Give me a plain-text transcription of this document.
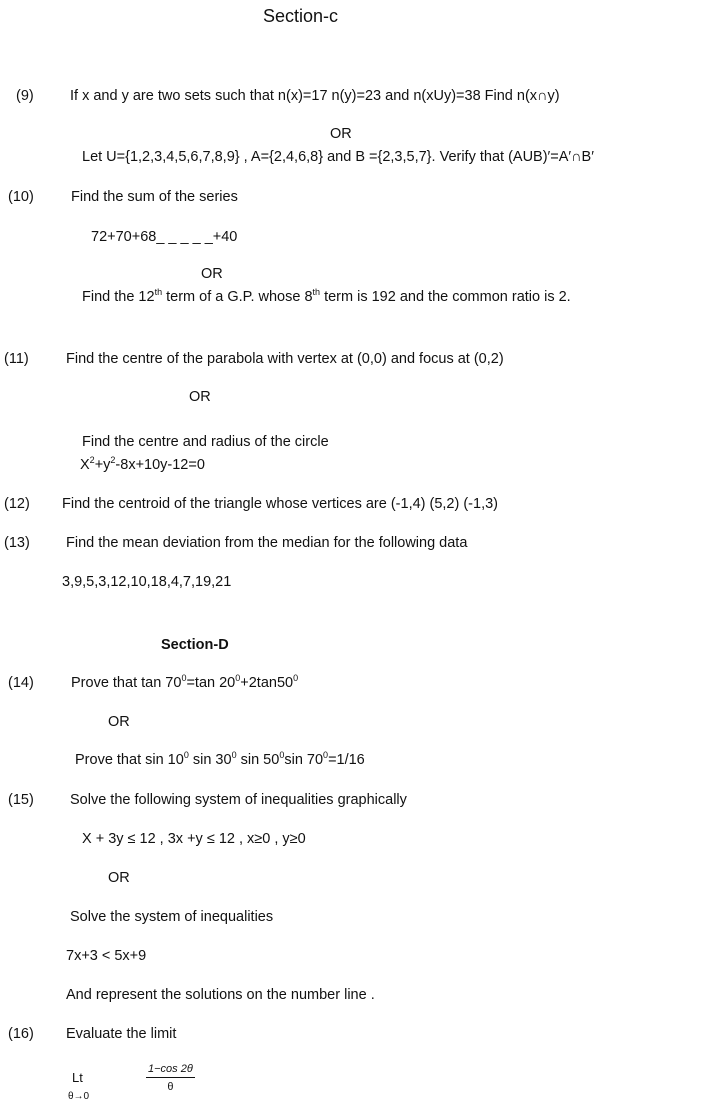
Section-c
(9)	If x and y are two sets such that n(x)=17 n(y)=23 and n(xUy)=38 Find n(x∩y)
OR
Let U={1,2,3,4,5,6,7,8,9} , A={2,4,6,8} and B ={2,3,5,7}. Verify that (AUB)′=A′∩B′
(10)	Find the sum of the series
72+70+68_ _ _ _ _+40
OR
Find the 12th term of a G.P. whose 8th term is 192 and the common ratio is 2.
(11)	Find the centre of the parabola with vertex at (0,0) and focus at (0,2)
OR
Find the centre and radius of the circle
$X^2+y^2-8x+10y-12=0$
(12) Find the centroid of the triangle whose vertices are (-1,4) (5,2) (-1,3)
(13) Find the mean deviation from the median for the following data
3,9,5,3,12,10,18,4,7,19,21
Section-D
(14)	Prove that $\tan 70^0=\tan$ $20^0+2\tan 50^0$
OR
Prove that $\sin 10^0$ $\sin 30^0$ $\sin 50^0\sin$ $70^0=1/16$
(15) Solve the following system of inequalities graphically
X + 3y ≤ 12 , 3x +y ≤ 12 , x≥0 , y≥0
OR
Solve the system of inequalities
7x+3 < 5x+9
And represent the solutions on the number line .
(16) Evaluate the limit
Lt
θ→0
$\frac{1-\cos 2\theta}{\theta}$
